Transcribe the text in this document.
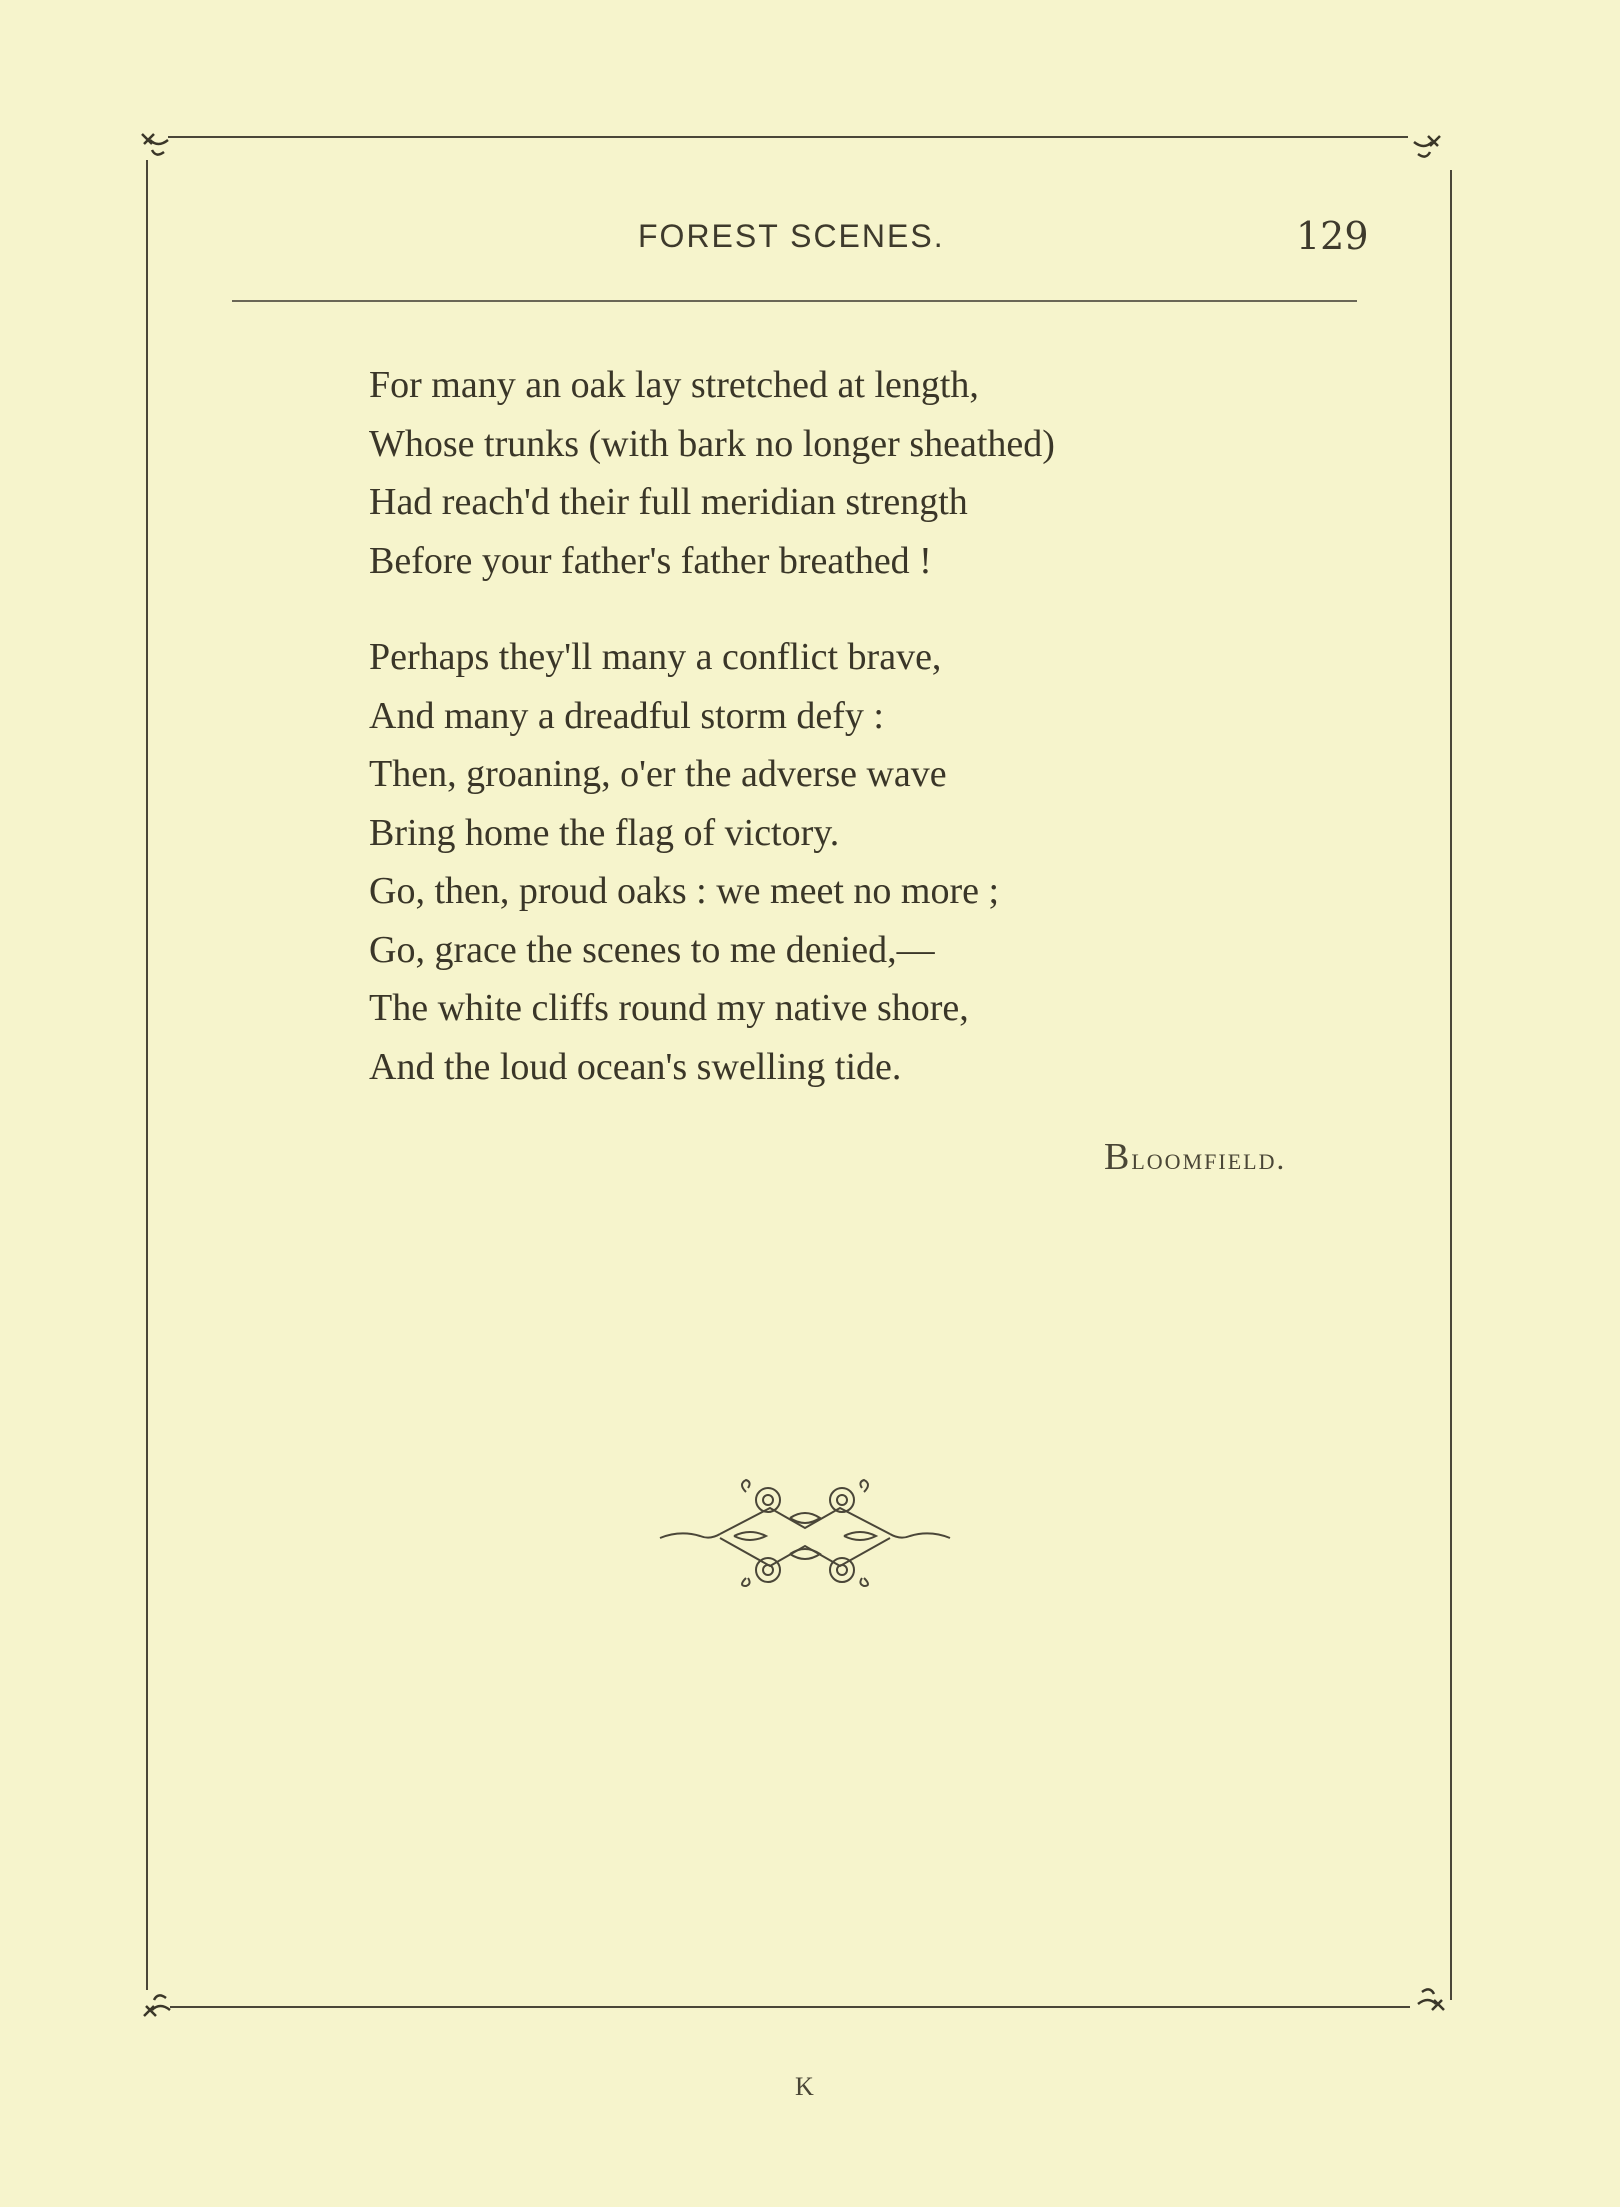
FOREST SCENES.	129
For many an oak lay stretched at length,
Whose trunks (with bark no longer sheathed)
Had reach'd their full meridian strength
Before your father's father breathed !
Perhaps they'll many a conflict brave,
And many a dreadful storm defy :
Then, groaning, o'er the adverse wave
Bring home the flag of victory.
Go, then, proud oaks : we meet no more ;
Go, grace the scenes to me denied,—
The white cliffs round my native shore,
And the loud ocean's swelling tide.
Bloomfield.
K
